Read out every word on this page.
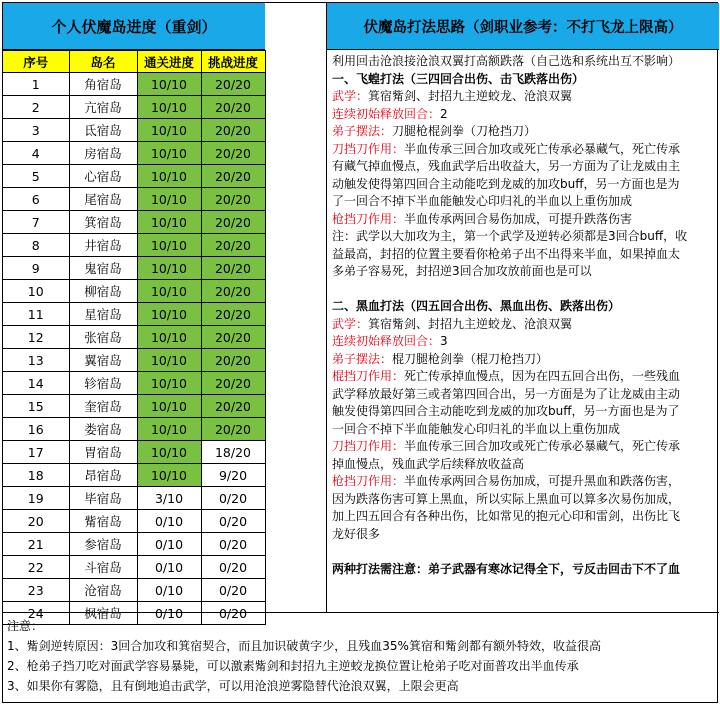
个人伏魔岛进度（重剑）
序号	岛名	通关进度	挑战进度
1	角宿岛	10/10	20/20
2	亢宿岛	10/10	20/20
3	氐宿岛	10/10	20/20
4	房宿岛	10/10	20/20
5	心宿岛	10/10	20/20
6	尾宿岛	10/10	20/20
7	箕宿岛	10/10	20/20
8	井宿岛	10/10	20/20
9	鬼宿岛	10/10	20/20
10	柳宿岛	10/10	20/20
11	星宿岛	10/10	20/20
12	张宿岛	10/10	20/20
13	翼宿岛	10/10	20/20
14	轸宿岛	10/10	20/20
15	奎宿岛	10/10	20/20
16	娄宿岛	10/10	20/20
17	胃宿岛	10/10	18/20
18	昂宿岛	10/10	9/20
19	毕宿岛	3/10	0/20
20	觜宿岛	0/10	0/20
21	参宿岛	0/10	0/20
22	斗宿岛	0/10	0/20
23	沧宿岛	0/10	0/20
24	枫宿岛	0/10	0/20
伏魔岛打法思路（剑职业参考：不打飞龙上限高）

利用回击沧浪接沧浪双翼打高额跌落（自己选和系统出互不影响）

一、飞蝗打法（三四回合出伤、击飞跌落出伤）

武学：箕宿觜剑、封招九主逆蛟龙、沧浪双翼

连续初始释放回合：2

弟子摆法：刀腿枪棍剑拳（刀枪挡刀）

刀挡刀作用：半血传承三回合加攻或死亡传承必暴藏气，死亡传承

有藏气掉血慢点，残血武学后出收益大，另一方面为了让龙威由主

动触发使得第四回合主动能吃到龙威的加攻buff，另一方面也是为

了一回合不掉下半血能触发心印归礼的半血以上重伤加成

枪挡刀作用：半血传承两回合易伤加成，可提升跌落伤害

注：武学以大加攻为主，第一个武学及逆转必须都是3回合buff，收

益最高，封招的位置主要看你枪弟子出不出得来半血，如果掉血太

多弟子容易死，封招逆3回合加攻放前面也是可以

二、黑血打法（四五回合出伤、黑血出伤、跌落出伤）

武学：箕宿觜剑、封招九主逆蛟龙、沧浪双翼

连续初始释放回合：3

弟子摆法：棍刀腿枪剑拳（棍刀枪挡刀）

棍挡刀作用：死亡传承掉血慢点，因为在四五回合出伤，一些残血

武学释放最好第三或者第四回合出，另一方面是为了让龙威由主动

触发使得第四回合主动能吃到龙威的加攻buff，另一方面也是为了

一回合不掉下半血能触发心印归礼的半血以上重伤加成

刀挡刀作用：半血传承三回合加攻或死亡传承必暴藏气，死亡传承

掉血慢点，残血武学后续释放收益高

枪挡刀作用：半血传承两回合易伤加成，可提升黑血和跌落伤害，

因为跌落伤害可算上黑血，所以实际上黑血可以算多次易伤加成，

加上四五回合有各种出伤，比如常见的抱元心印和雷剑，出伤比飞

龙好很多

两种打法需注意：弟子武器有寒冰记得全下，亏反击回击下不了血

注意：

1、觜剑逆转原因：3回合加攻和箕宿契合，而且加识破黄字少，且残血35%箕宿和觜剑都有额外特效，收益很高

2、枪弟子挡刀吃对面武学容易暴毙，可以激素觜剑和封招九主逆蛟龙换位置让枪弟子吃对面普攻出半血传承

3、如果你有雾隐，且有倒地追击武学，可以用沧浪逆雾隐替代沧浪双翼，上限会更高
